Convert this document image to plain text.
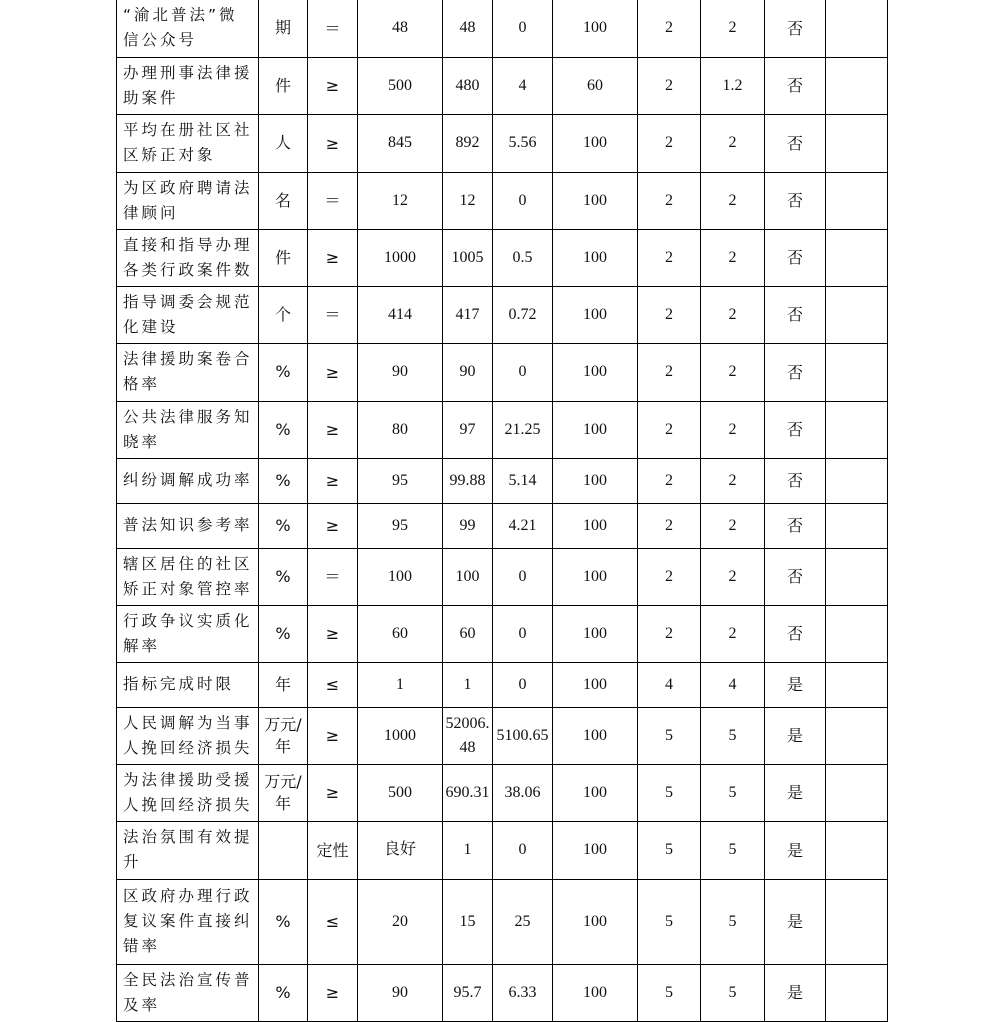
“渝北普法”微信公众号	期	＝	48	48	0	100	2	2	否	
办理刑事法律援助案件	件	≥	500	480	4	60	2	1.2	否	
平均在册社区社区矫正对象	人	≥	845	892	5.56	100	2	2	否	
为区政府聘请法律顾问	名	＝	12	12	0	100	2	2	否	
直接和指导办理各类行政案件数	件	≥	1000	1005	0.5	100	2	2	否	
指导调委会规范化建设	个	＝	414	417	0.72	100	2	2	否	
法律援助案卷合格率	%	≥	90	90	0	100	2	2	否	
公共法律服务知晓率	%	≥	80	97	21.25	100	2	2	否	
纠纷调解成功率	%	≥	95	99.88	5.14	100	2	2	否	
普法知识参考率	%	≥	95	99	4.21	100	2	2	否	
辖区居住的社区矫正对象管控率	%	＝	100	100	0	100	2	2	否	
行政争议实质化解率	%	≥	60	60	0	100	2	2	否	
指标完成时限	年	≤	1	1	0	100	4	4	是	
人民调解为当事人挽回经济损失	万元/年	≥	1000	52006.48	5100.65	100	5	5	是	
为法律援助受援人挽回经济损失	万元/年	≥	500	690.31	38.06	100	5	5	是	
法治氛围有效提升		定性	良好	1	0	100	5	5	是	
区政府办理行政复议案件直接纠错率	%	≤	20	15	25	100	5	5	是	
全民法治宣传普及率	%	≥	90	95.7	6.33	100	5	5	是	
